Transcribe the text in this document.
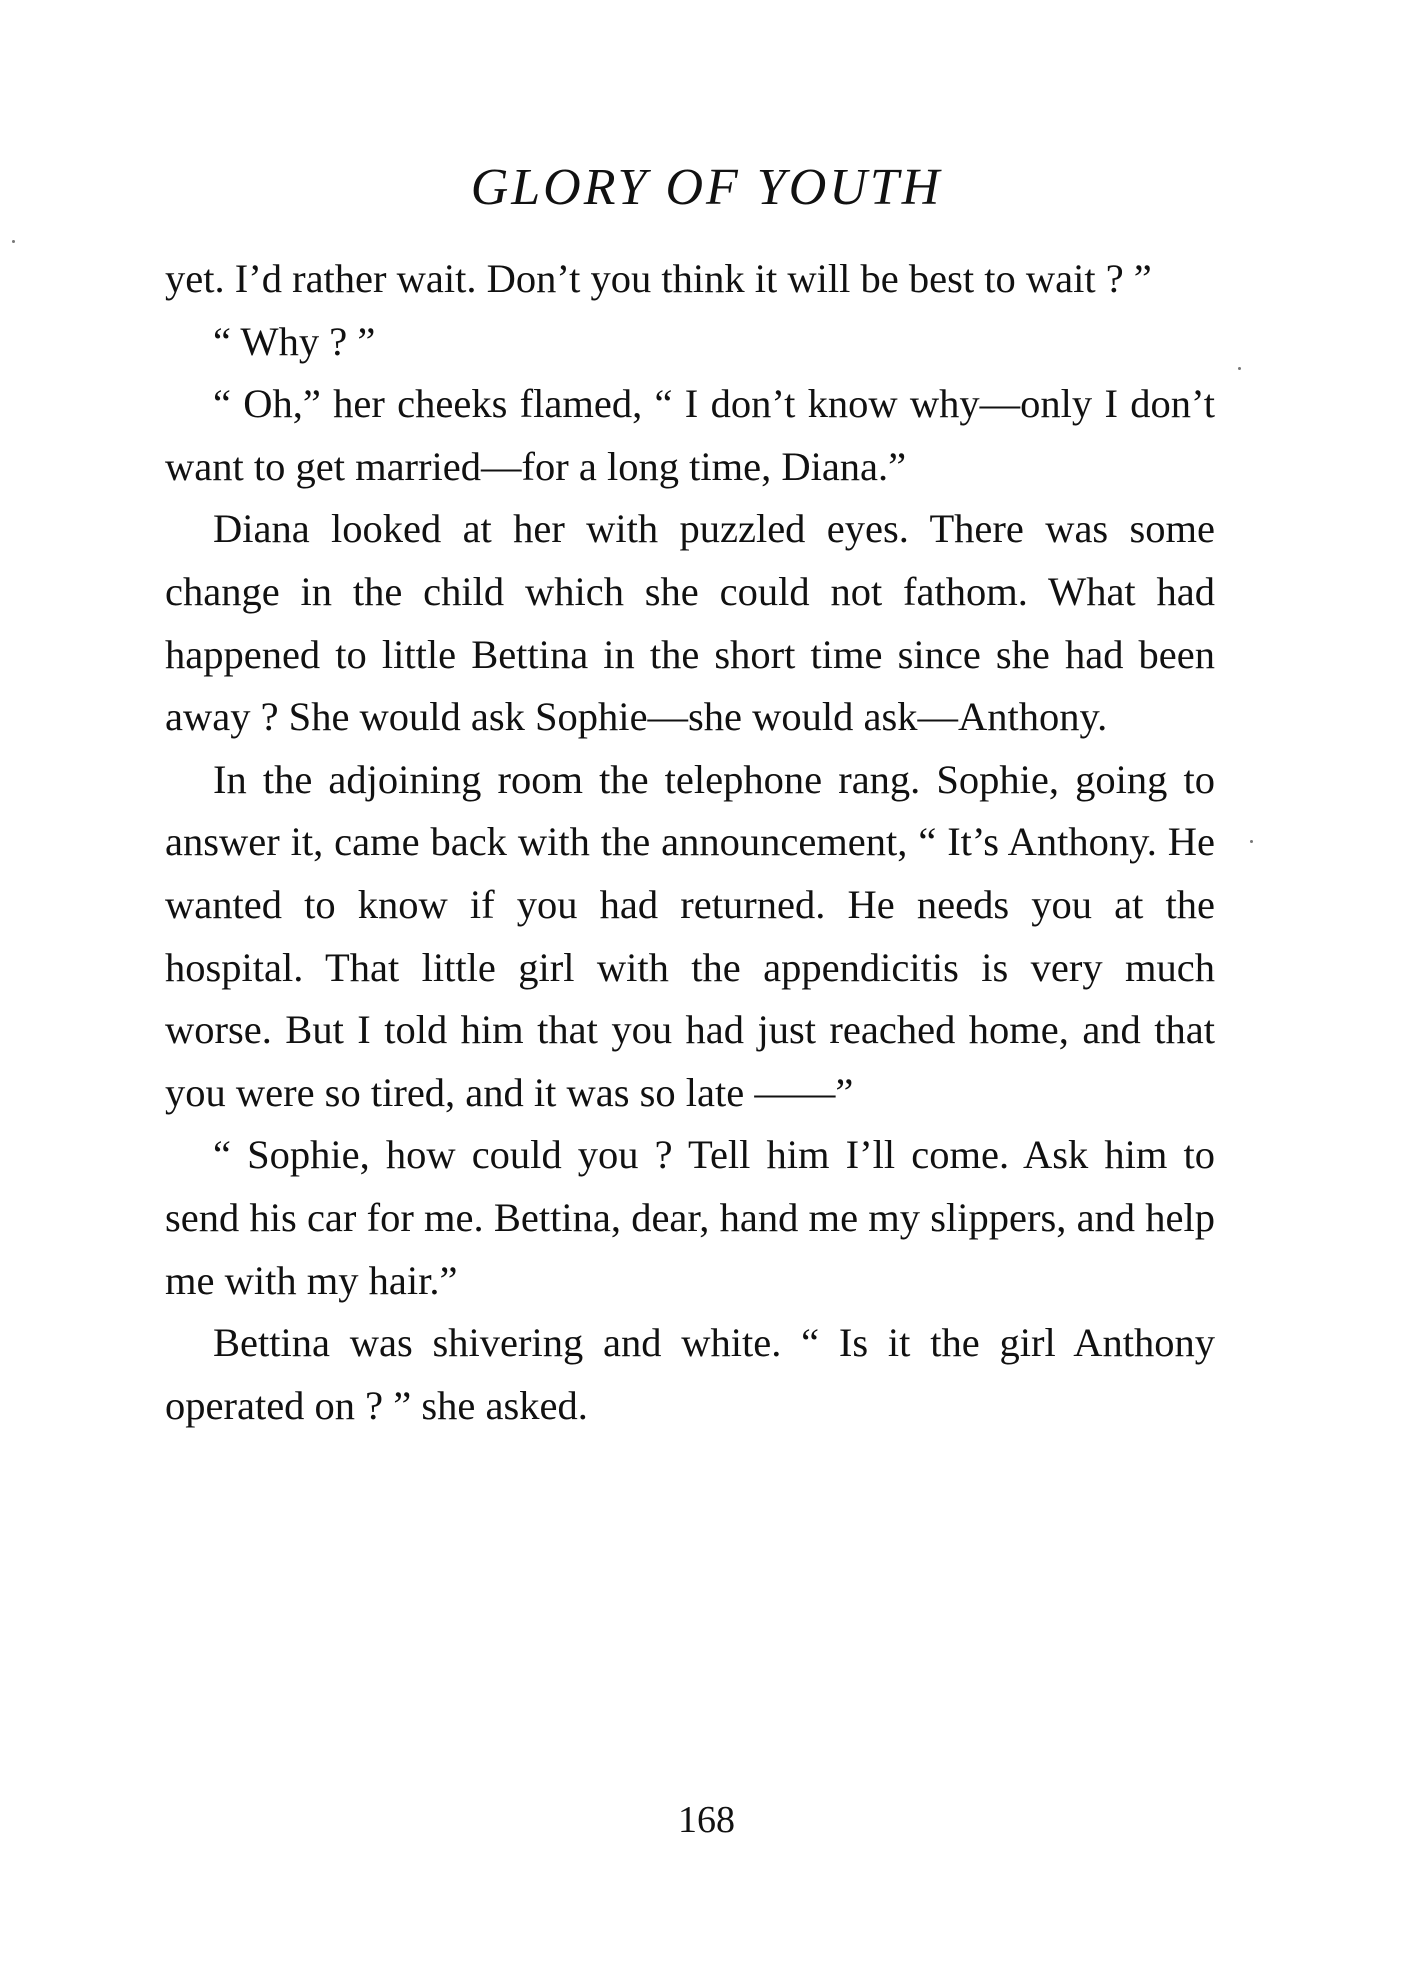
GLORY OF YOUTH

yet. I’d rather wait. Don’t you think it will be best to wait ? ”

“ Why ? ”

“ Oh,” her cheeks flamed, “ I don’t know why—only I don’t want to get married—for a long time, Diana.”

Diana looked at her with puzzled eyes. There was some change in the child which she could not fathom. What had happened to little Bettina in the short time since she had been away ? She would ask Sophie—she would ask—Anthony.

In the adjoining room the telephone rang. Sophie, going to answer it, came back with the announcement, “ It’s Anthony. He wanted to know if you had returned. He needs you at the hospital. That little girl with the appendicitis is very much worse. But I told him that you had just reached home, and that you were so tired, and it was so late ——”

“ Sophie, how could you ? Tell him I’ll come. Ask him to send his car for me. Bettina, dear, hand me my slippers, and help me with my hair.”

Bettina was shivering and white. “ Is it the girl Anthony operated on ? ” she asked.

168
